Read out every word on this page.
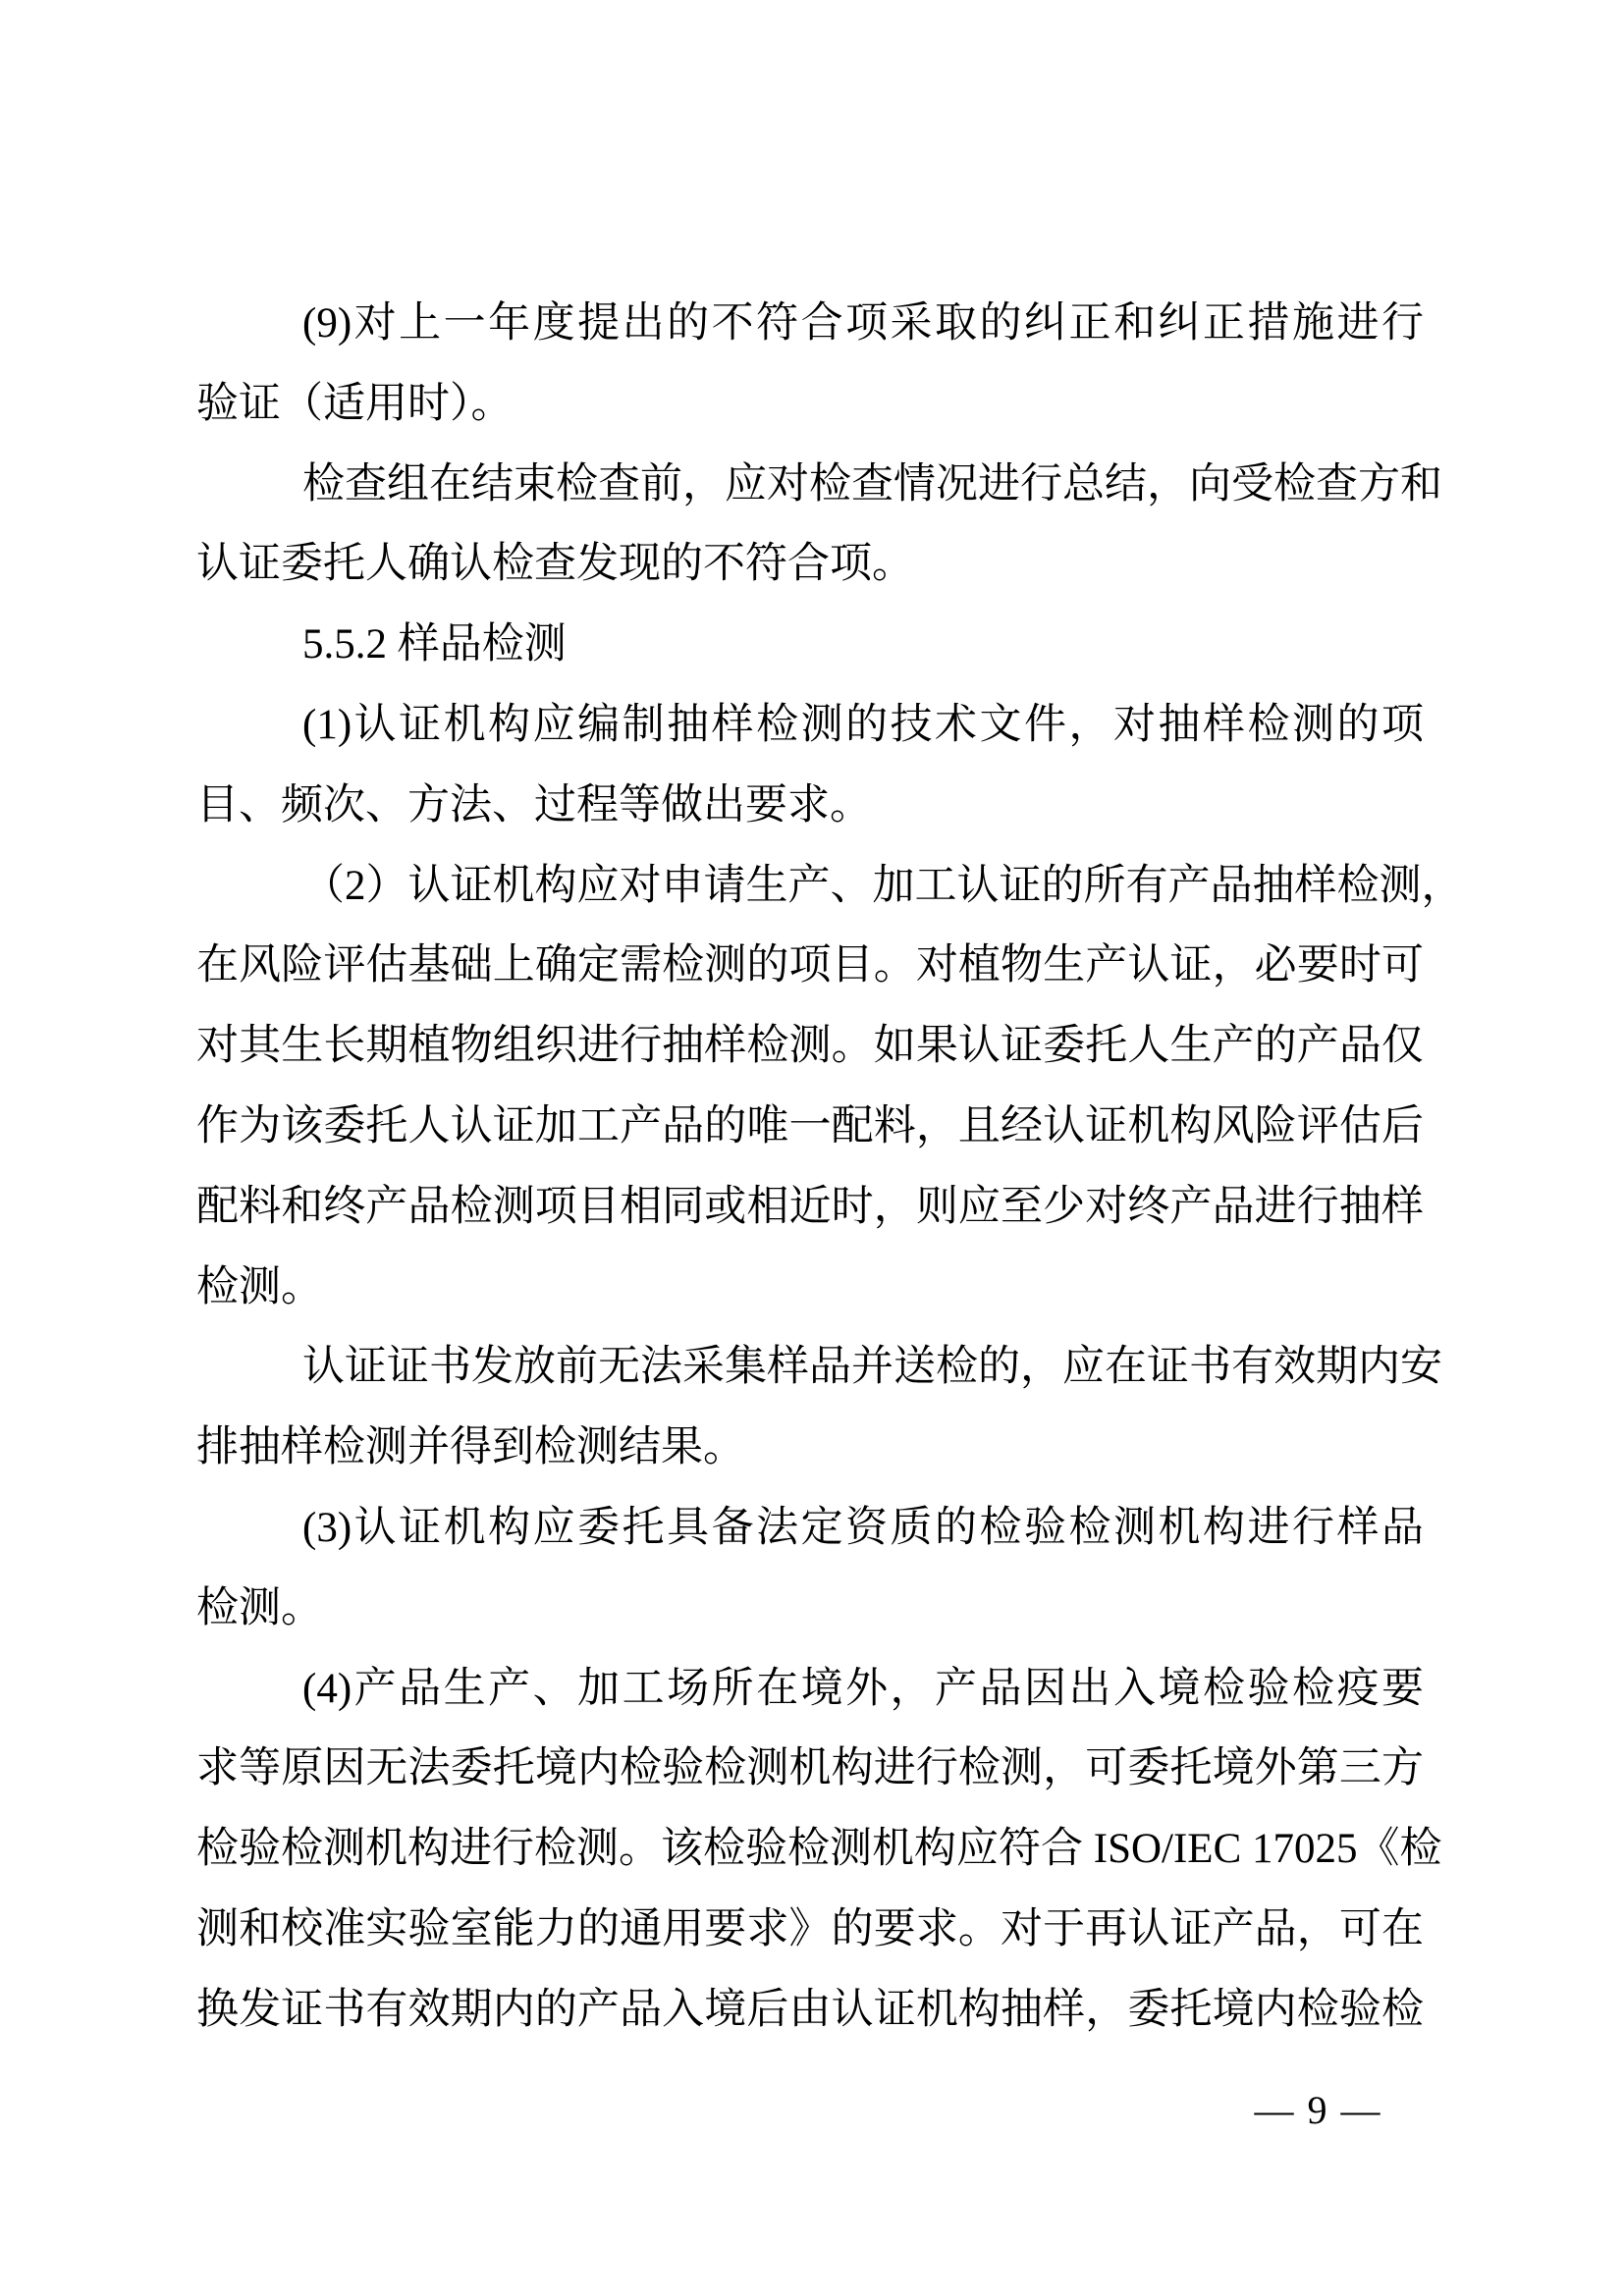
(9)对上一年度提出的不符合项采取的纠正和纠正措施进行
验证（适用时）。
检查组在结束检查前，应对检查情况进行总结，向受检查方和
认证委托人确认检查发现的不符合项。
5.5.2 样品检测
(1)认证机构应编制抽样检测的技术文件，对抽样检测的项
目、频次、方法、过程等做出要求。
（2）认证机构应对申请生产、加工认证的所有产品抽样检测，
在风险评估基础上确定需检测的项目。对植物生产认证，必要时可
对其生长期植物组织进行抽样检测。如果认证委托人生产的产品仅
作为该委托人认证加工产品的唯一配料，且经认证机构风险评估后
配料和终产品检测项目相同或相近时，则应至少对终产品进行抽样
检测。
认证证书发放前无法采集样品并送检的，应在证书有效期内安
排抽样检测并得到检测结果。
(3)认证机构应委托具备法定资质的检验检测机构进行样品
检测。
(4)产品生产、加工场所在境外，产品因出入境检验检疫要
求等原因无法委托境内检验检测机构进行检测，可委托境外第三方
检验检测机构进行检测。该检验检测机构应符合 ISO/IEC 17025《检
测和校准实验室能力的通用要求》的要求。对于再认证产品，可在
换发证书有效期内的产品入境后由认证机构抽样，委托境内检验检
— 9 —
